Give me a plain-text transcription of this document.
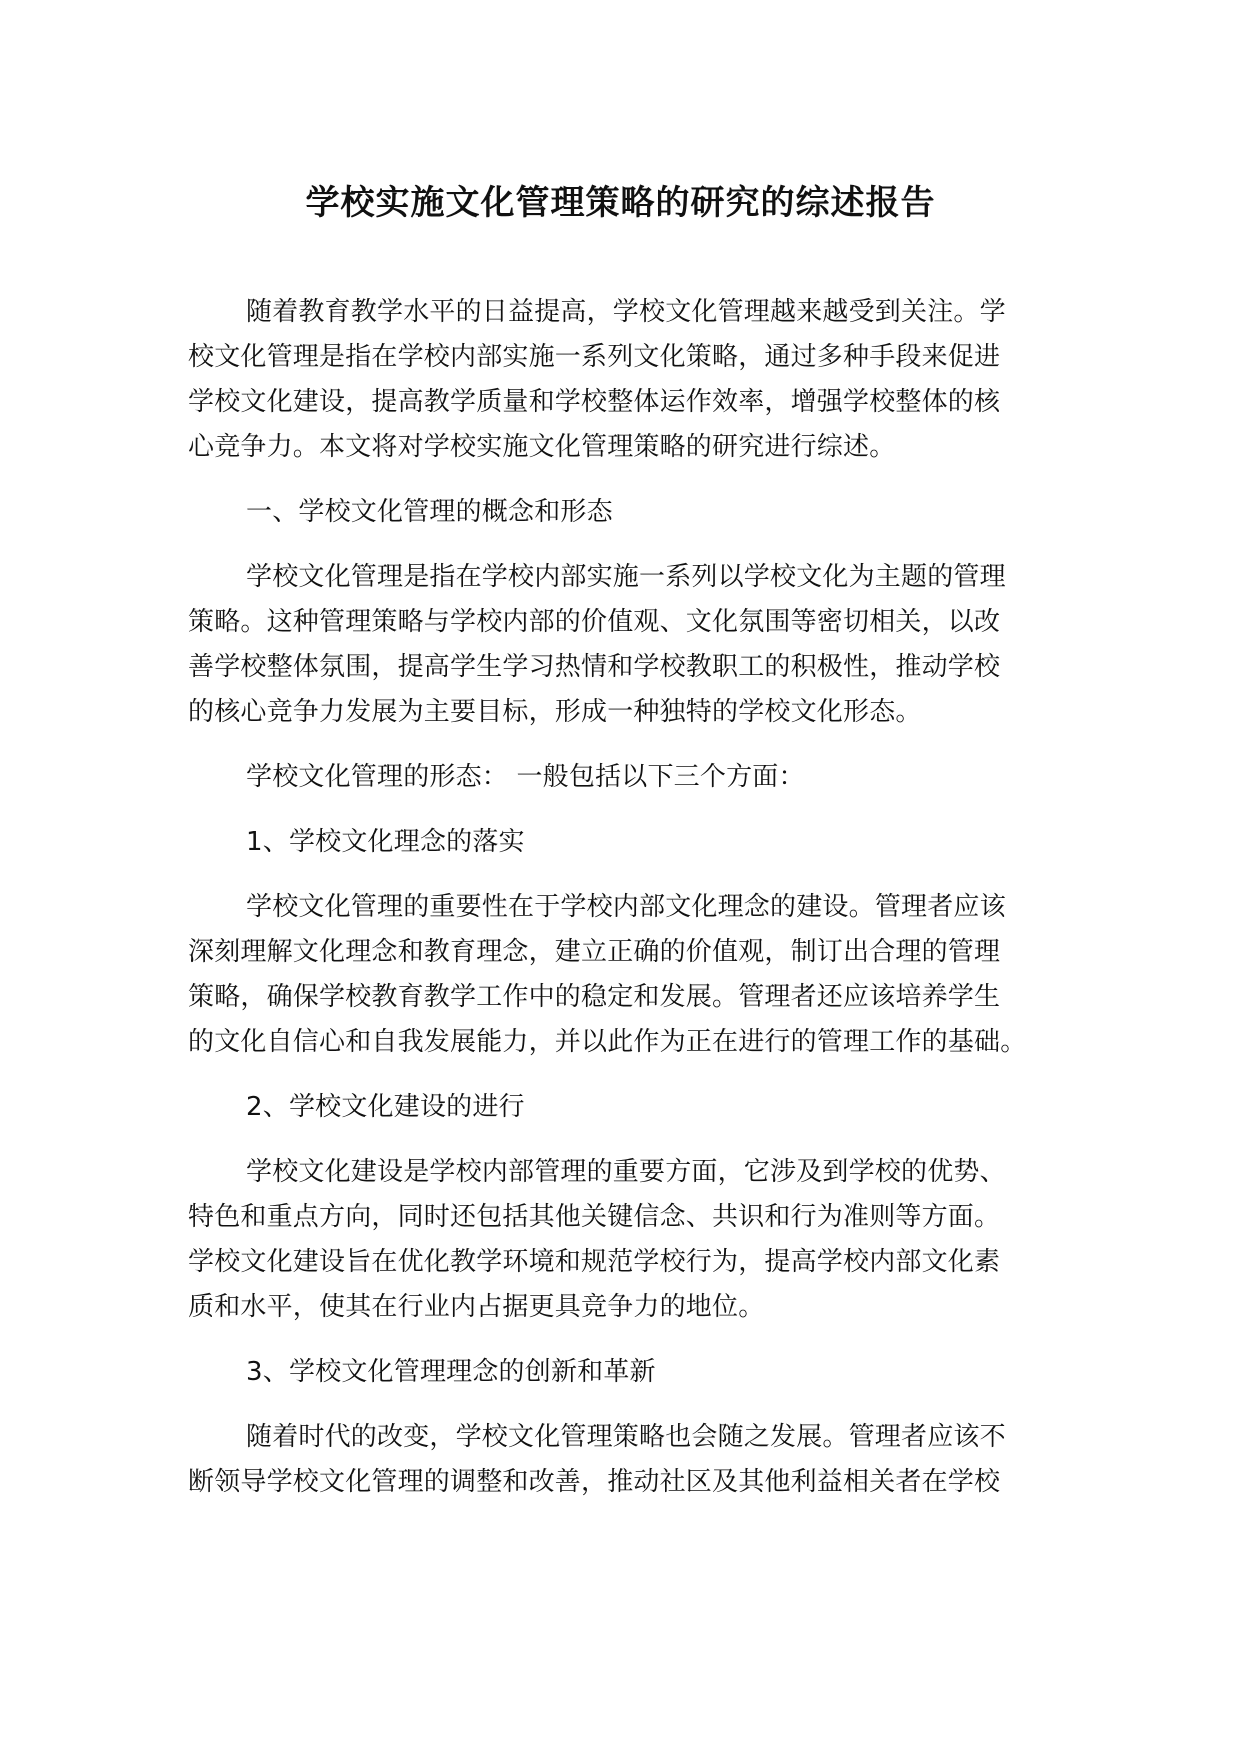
学校实施文化管理策略的研究的综述报告

随着教育教学水平的日益提高，学校文化管理越来越受到关注。学
校文化管理是指在学校内部实施一系列文化策略，通过多种手段来促进
学校文化建设，提高教学质量和学校整体运作效率，增强学校整体的核
心竞争力。本文将对学校实施文化管理策略的研究进行综述。

一、学校文化管理的概念和形态

学校文化管理是指在学校内部实施一系列以学校文化为主题的管理
策略。这种管理策略与学校内部的价值观、文化氛围等密切相关，以改
善学校整体氛围，提高学生学习热情和学校教职工的积极性，推动学校
的核心竞争力发展为主要目标，形成一种独特的学校文化形态。

学校文化管理的形态： 一般包括以下三个方面：

1、学校文化理念的落实

学校文化管理的重要性在于学校内部文化理念的建设。管理者应该
深刻理解文化理念和教育理念，建立正确的价值观，制订出合理的管理
策略，确保学校教育教学工作中的稳定和发展。管理者还应该培养学生
的文化自信心和自我发展能力，并以此作为正在进行的管理工作的基础。

2、学校文化建设的进行

学校文化建设是学校内部管理的重要方面，它涉及到学校的优势、
特色和重点方向，同时还包括其他关键信念、共识和行为准则等方面。
学校文化建设旨在优化教学环境和规范学校行为，提高学校内部文化素
质和水平，使其在行业内占据更具竞争力的地位。

3、学校文化管理理念的创新和革新

随着时代的改变，学校文化管理策略也会随之发展。管理者应该不
断领导学校文化管理的调整和改善，推动社区及其他利益相关者在学校
